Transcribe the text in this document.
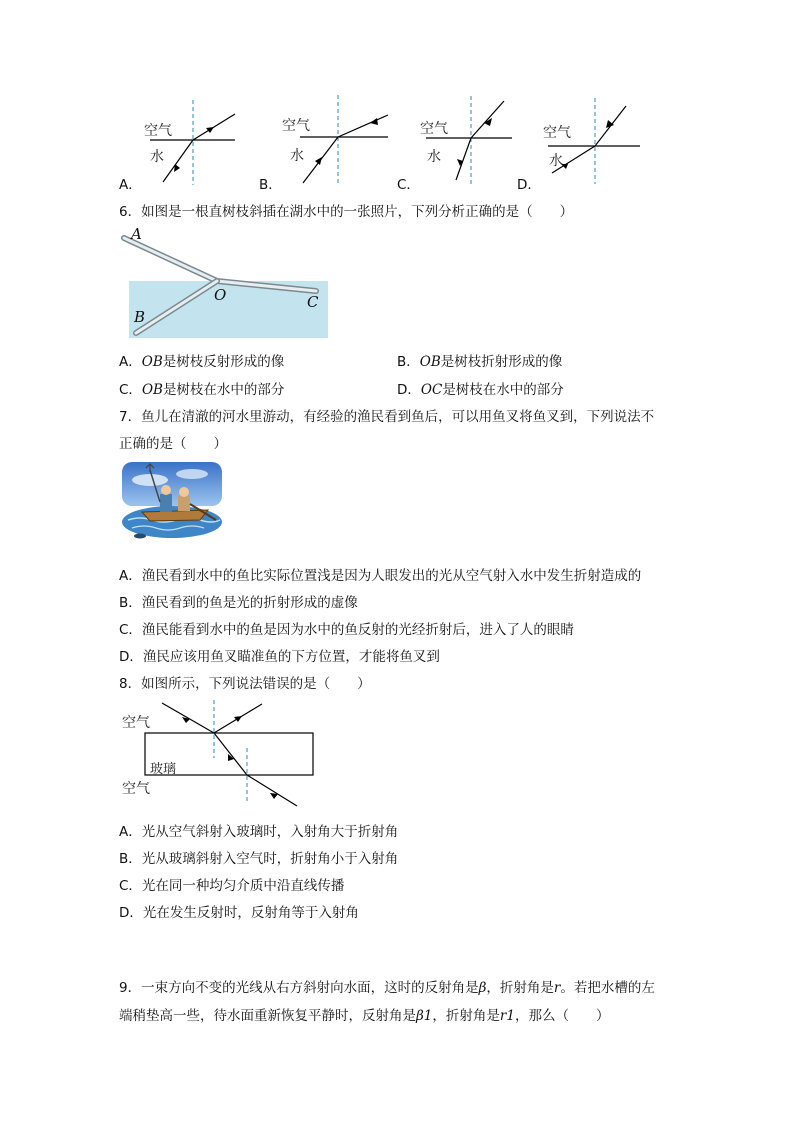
空气
水
A．
空气
水
B．
空气
水
C．
空气
水
D．
6．如图是一根直树枝斜插在湖水中的一张照片，下列分析正确的是（　　）
A
O	C
B
A．OB是树枝反射形成的像	B．OB是树枝折射形成的像
C．OB是树枝在水中的部分	D．OC是树枝在水中的部分
7．鱼儿在清澈的河水里游动，有经验的渔民看到鱼后，可以用鱼叉将鱼叉到，下列说法不
正确的是（　　）
A．渔民看到水中的鱼比实际位置浅是因为人眼发出的光从空气射入水中发生折射造成的
B．渔民看到的鱼是光的折射形成的虚像
C．渔民能看到水中的鱼是因为水中的鱼反射的光经折射后，进入了人的眼睛
D．渔民应该用鱼叉瞄准鱼的下方位置，才能将鱼叉到
8．如图所示，下列说法错误的是（　　）
空气
玻璃
空气
A．光从空气斜射入玻璃时，入射角大于折射角
B．光从玻璃斜射入空气时，折射角小于入射角
C．光在同一种均匀介质中沿直线传播
D．光在发生反射时，反射角等于入射角
9．一束方向不变的光线从右方斜射向水面，这时的反射角是β，折射角是r。若把水槽的左
端稍垫高一些，待水面重新恢复平静时，反射角是β1，折射角是r1，那么（　　）
